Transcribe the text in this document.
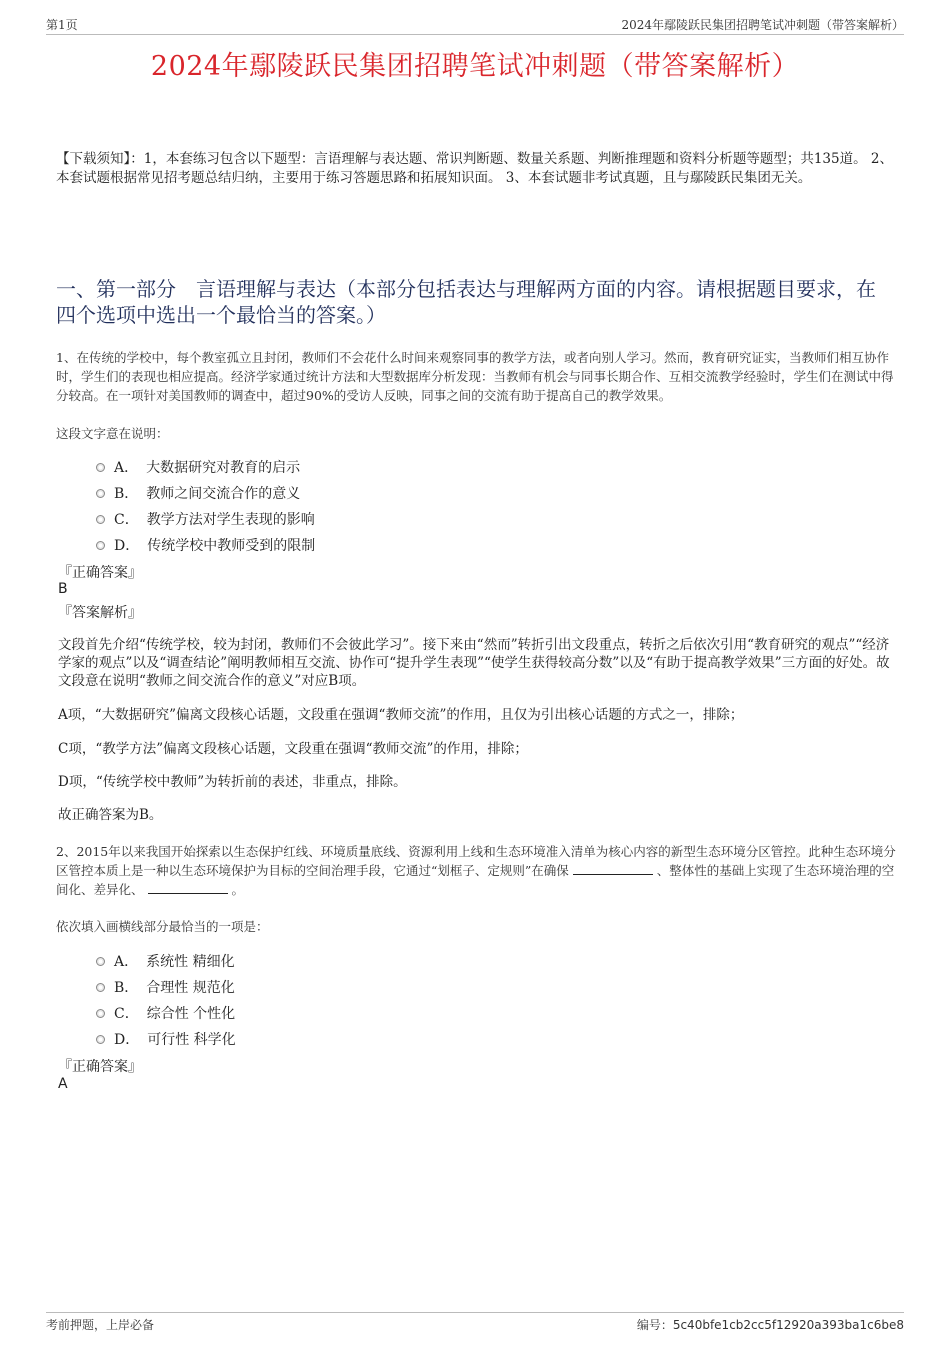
第1页	2024年鄢陵跃民集团招聘笔试冲刺题（带答案解析）
2024年鄢陵跃民集团招聘笔试冲刺题（带答案解析）
【下载须知】：1，本套练习包含以下题型：言语理解与表达题、常识判断题、数量关系题、判断推理题和资料分析题等题型；共135道。 2、本套试题根据常见招考题总结归纳，主要用于练习答题思路和拓展知识面。 3、本套试题非考试真题，且与鄢陵跃民集团无关。
一、第一部分　言语理解与表达（本部分包括表达与理解两方面的内容。请根据题目要求，在四个选项中选出一个最恰当的答案。）
1、在传统的学校中，每个教室孤立且封闭，教师们不会花什么时间来观察同事的教学方法，或者向别人学习。然而，教育研究证实，当教师们相互协作时，学生们的表现也相应提高。经济学家通过统计方法和大型数据库分析发现：当教师有机会与同事长期合作、互相交流教学经验时，学生们在测试中得分较高。在一项针对美国教师的调查中，超过90%的受访人反映，同事之间的交流有助于提高自己的教学效果。
这段文字意在说明：
A． 大数据研究对教育的启示
B． 教师之间交流合作的意义
C． 教学方法对学生表现的影响
D． 传统学校中教师受到的限制
『正确答案』
B
『答案解析』
文段首先介绍“传统学校，较为封闭，教师们不会彼此学习”。接下来由“然而”转折引出文段重点，转折之后依次引用“教育研究的观点”“经济学家的观点”以及“调查结论”阐明教师相互交流、协作可“提升学生表现”“使学生获得较高分数”以及“有助于提高教学效果”三方面的好处。故文段意在说明“教师之间交流合作的意义”对应B项。
A项，“大数据研究”偏离文段核心话题，文段重在强调“教师交流”的作用，且仅为引出核心话题的方式之一，排除；
C项，“教学方法”偏离文段核心话题，文段重在强调“教师交流”的作用，排除；
D项，“传统学校中教师”为转折前的表述，非重点，排除。
故正确答案为B。
2、2015年以来我国开始探索以生态保护红线、环境质量底线、资源利用上线和生态环境准入清单为核心内容的新型生态环境分区管控。此种生态环境分区管控本质上是一种以生态环境保护为目标的空间治理手段，它通过“划框子、定规则”在确保	、整体性的基础上实现了生态环境治理的空间化、差异化、	。
依次填入画横线部分最恰当的一项是：
A． 系统性 精细化
B． 合理性 规范化
C． 综合性 个性化
D． 可行性 科学化
『正确答案』
A
考前押题，上岸必备	编号：5c40bfe1cb2cc5f12920a393ba1c6be8
